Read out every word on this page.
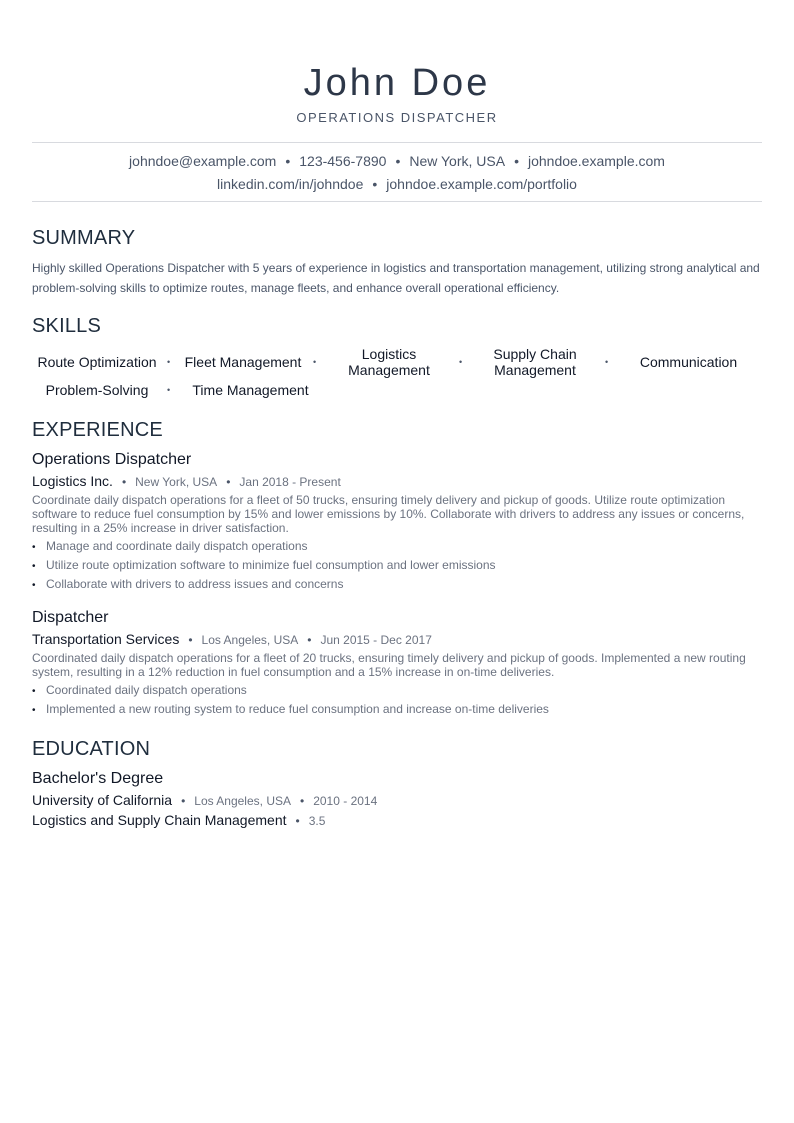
John Doe
OPERATIONS DISPATCHER
johndoe@example.com • 123-456-7890 • New York, USA • johndoe.example.com
linkedin.com/in/johndoe • johndoe.example.com/portfolio
SUMMARY
Highly skilled Operations Dispatcher with 5 years of experience in logistics and transportation management, utilizing strong analytical and problem-solving skills to optimize routes, manage fleets, and enhance overall operational efficiency.
SKILLS
Route Optimization	•	Fleet Management	•	Logistics Management	•	Supply Chain Management	•	Communication
Problem-Solving	•	Time Management
EXPERIENCE
Operations Dispatcher
Logistics Inc. • New York, USA • Jan 2018 - Present
Coordinate daily dispatch operations for a fleet of 50 trucks, ensuring timely delivery and pickup of goods. Utilize route optimization software to reduce fuel consumption by 15% and lower emissions by 10%. Collaborate with drivers to address any issues or concerns, resulting in a 25% increase in driver satisfaction.
• Manage and coordinate daily dispatch operations
• Utilize route optimization software to minimize fuel consumption and lower emissions
• Collaborate with drivers to address issues and concerns
Dispatcher
Transportation Services • Los Angeles, USA • Jun 2015 - Dec 2017
Coordinated daily dispatch operations for a fleet of 20 trucks, ensuring timely delivery and pickup of goods. Implemented a new routing system, resulting in a 12% reduction in fuel consumption and a 15% increase in on-time deliveries.
• Coordinated daily dispatch operations
• Implemented a new routing system to reduce fuel consumption and increase on-time deliveries
EDUCATION
Bachelor's Degree
University of California • Los Angeles, USA • 2010 - 2014
Logistics and Supply Chain Management • 3.5
